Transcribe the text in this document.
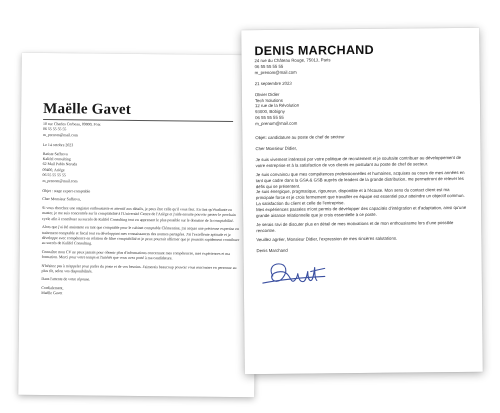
Maëlle Gavet
10 rue Charles Corbeau, 09000, Foix
06 55 55 55 55
m_prenom@mail.com
Le 14 octobre 2023
Batiste Saffreva
Kalifel consulting
62 Mail Pablo Neruda
09400, Ariège
06 55 55 55 55
m_prenom@mail.com
Objet : stage expert-comptable
Cher Monsieur Saffreva,
Si vous cherchez une stagiaire enthousiaste et attentif aux détails, je peux être celle qu'il vous faut. En tant qu'étudiante en master, je me suis concentrée sur la comptabilité à l'Université Centre de l'Ariège et j'aide ensuite pouvoir passer le prochain cycle afin à contribuer au succès de Kalifel Consulting tout en apprenant le plus possible sur le domaine de la comptabilité.
Alors que j'ai été assistante en tant que comptable pour le cabinet comptable Clémentine, j'ai acquis une précieuse expertise en traitement comptable et fiscal tout en développant mes connaissances des normes partagées. J'ai l'excellente aptitude et je développe avec compétence en relation de filtre comptabilité et je peux pourrait affirmer que je pourrais rapidement contribuer au succès de Kalifel Consulting.
Connaître mon CV ne peux jamais pour obtenir plus d'informations concernant mes compétences, mes expériences et ma formation. Merci pour votre temps et l'intérêt que vous avez porté à ma candidature.
N'hésitez pas à m'appeler pour parler du poste et de vos besoins. J'aimerais beaucoup pouvoir vous rencontrer en personne au plus tôt, selon vos disponibilités.
Dans l'attente de votre réponse.
Cordialement,
Maëlle Gavet
DENIS MARCHAND
24 rue du Château Rouge, 75013, Paris
06 55 55 55 55
m_prenom@mail.com
21 septembre 2023
Olivier Didier
Tech Solutions
12 rue de la Révolution
93000, Bobigny
06 55 55 55 55
m_prenom@mail.com
Objet: candidature au poste de chef de secteur
Cher Monsieur Didier,
Je suis vivement intéressé par votre politique de recrutement et je souhaite contribuer au développement de votre entreprise et à la satisfaction de vos clients en postulant au poste de chef de secteur.
Je suis convaincu que mes compétences professionnelles et humaines, acquises au cours de mes années en tant que cadre dans la GSA & GSB auprès de leaders de la grande distribution, me permettront de relever les défis qui se présentent.
Je suis énergique, pragmatique, rigoureux, disponible et à l'écoute. Mon sens du contact client est ma principale force et je crois fermement que travailler en équipe est essentiel pour atteindre un objectif commun. La satisfaction du client et celle de l'entreprise.
Mes expériences passées m'ont permis de développer des capacités d'intégration et d'adaptation, ainsi qu'une grande aisance relationnelle que je crois essentielle à ce poste.
Je serais ravi de discuter plus en détail de mes motivations et de mon enthousiasme lors d'une possible rencontre.
Veuillez agréer, Monsieur Didier, l'expression de mes sincères salutations.
Denis Marchand
